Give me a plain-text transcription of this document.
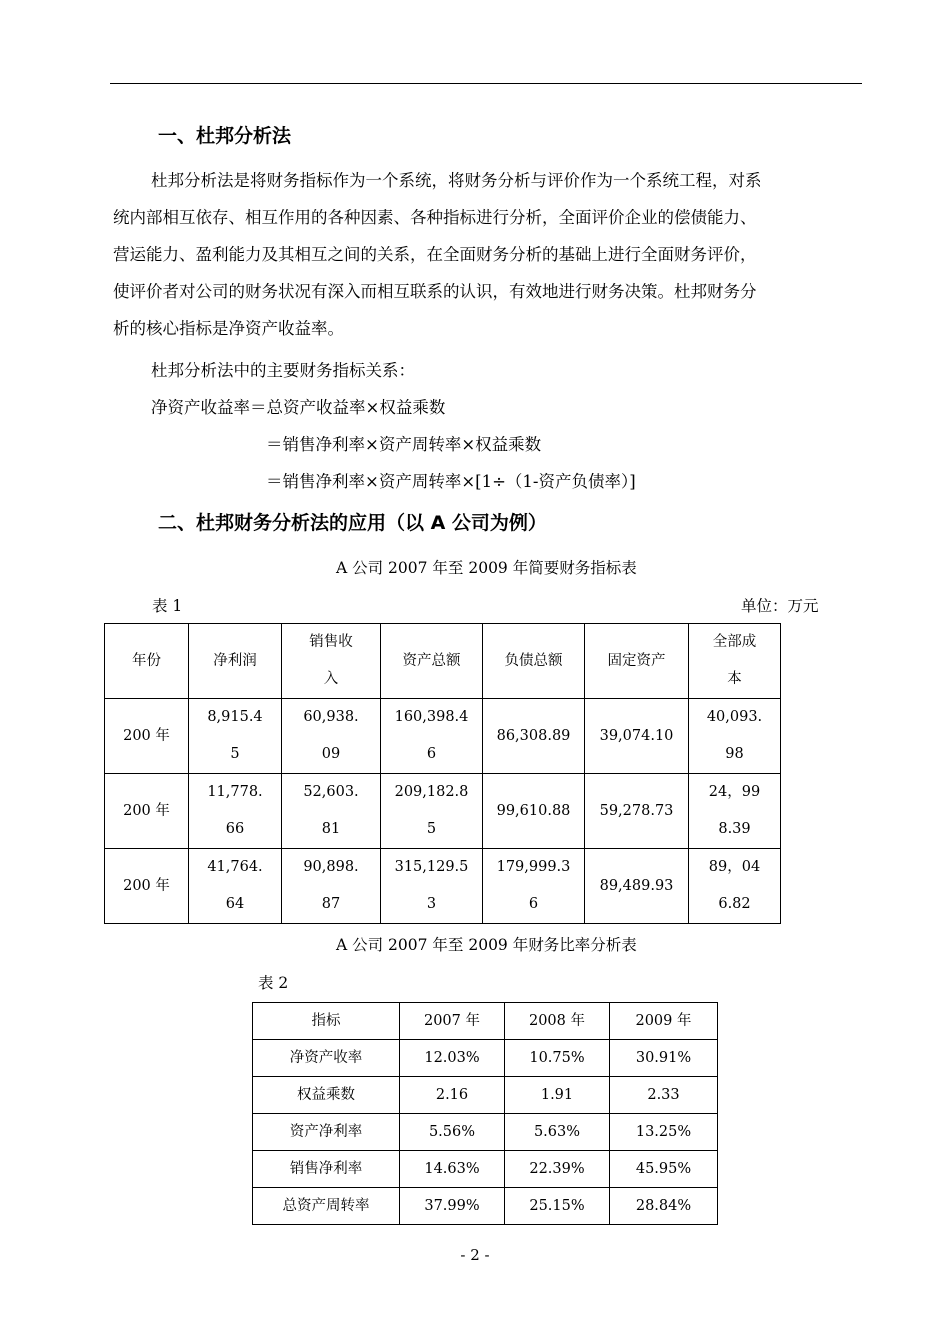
一、杜邦分析法
杜邦分析法是将财务指标作为一个系统，将财务分析与评价作为一个系统工程，对系
统内部相互依存、相互作用的各种因素、各种指标进行分析，全面评价企业的偿债能力、
营运能力、盈利能力及其相互之间的关系，在全面财务分析的基础上进行全面财务评价，
使评价者对公司的财务状况有深入而相互联系的认识，有效地进行财务决策。杜邦财务分
析的核心指标是净资产收益率。
杜邦分析法中的主要财务指标关系：
净资产收益率＝总资产收益率×权益乘数
＝销售净利率×资产周转率×权益乘数
＝销售净利率×资产周转率×[1÷（1-资产负债率）]
二、杜邦财务分析法的应用（以 A 公司为例）
A 公司 2007 年至 2009 年简要财务指标表
表 1	单位：万元
年份	净利润	销售收入	资产总额	负债总额	固定资产	全部成本
200 年	8,915.45	60,938.09	160,398.46	86,308.89	39,074.10	40,093.98
200 年	11,778.66	52,603.81	209,182.85	99,610.88	59,278.73	24，998.39
200 年	41,764.64	90,898.87	315,129.53	179,999.36	89,489.93	89，046.82
A 公司 2007 年至 2009 年财务比率分析表
表 2
指标	2007 年	2008 年	2009 年
净资产收率	12.03%	10.75%	30.91%
权益乘数	2.16	1.91	2.33
资产净利率	5.56%	5.63%	13.25%
销售净利率	14.63%	22.39%	45.95%
总资产周转率	37.99%	25.15%	28.84%
- 2 -
